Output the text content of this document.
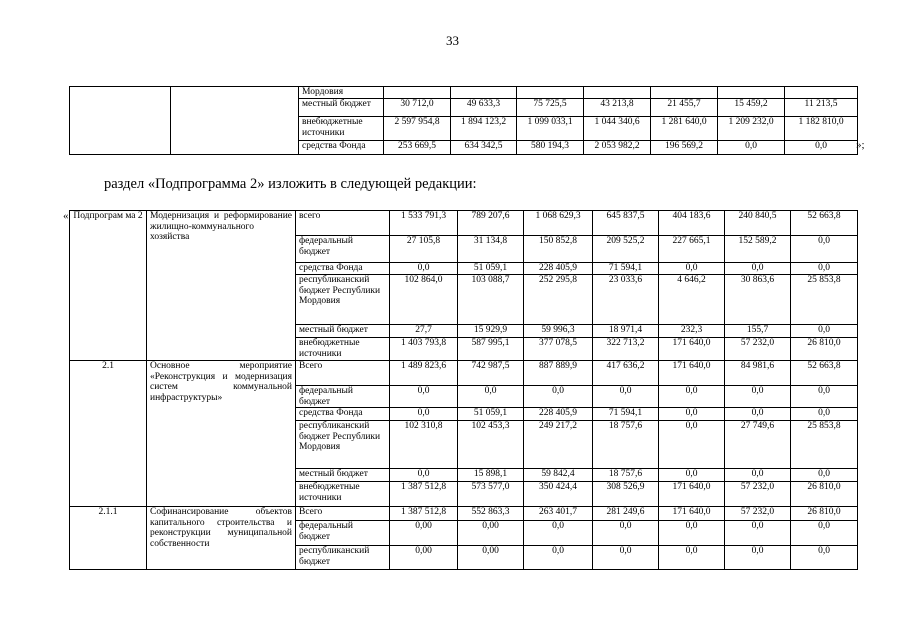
33
		Мордовия							
		местный бюджет	30 712,0	49 633,3	75 725,5	43 213,8	21 455,7	15 459,2	11 213,5
		внебюджетные источники	2 597 954,8	1 894 123,2	1 099 033,1	1 044 340,6	1 281 640,0	1 209 232,0	1 182 810,0
		средства Фонда	253 669,5	634 342,5	580 194,3	2 053 982,2	196 569,2	0,0	0,0	»;
раздел «Подпрограмма 2» изложить в следующей редакции:
« Подпрограм ма 2	Модернизация и реформирование жилищно-коммунального хозяйства	всего	1 533 791,3	789 207,6	1 068 629,3	645 837,5	404 183,6	240 840,5	52 663,8
		федеральный бюджет	27 105,8	31 134,8	150 852,8	209 525,2	227 665,1	152 589,2	0,0
		средства Фонда	0,0	51 059,1	228 405,9	71 594,1	0,0	0,0	0,0
		республиканский бюджет Республики Мордовия	102 864,0	103 088,7	252 295,8	23 033,6	4 646,2	30 863,6	25 853,8
		местный бюджет	27,7	15 929,9	59 996,3	18 971,4	232,3	155,7	0,0
		внебюджетные источники	1 403 793,8	587 995,1	377 078,5	322 713,2	171 640,0	57 232,0	26 810,0
2.1	Основное мероприятие «Реконструкция и модернизация систем коммунальной инфраструктуры»	Всего	1 489 823,6	742 987,5	887 889,9	417 636,2	171 640,0	84 981,6	52 663,8
		федеральный бюджет	0,0	0,0	0,0	0,0	0,0	0,0	0,0
		средства Фонда	0,0	51 059,1	228 405,9	71 594,1	0,0	0,0	0,0
		республиканский бюджет Республики Мордовия	102 310,8	102 453,3	249 217,2	18 757,6	0,0	27 749,6	25 853,8
		местный бюджет	0,0	15 898,1	59 842,4	18 757,6	0,0	0,0	0,0
		внебюджетные источники	1 387 512,8	573 577,0	350 424,4	308 526,9	171 640,0	57 232,0	26 810,0
2.1.1	Софинансирование объектов капитального строительства и реконструкции муниципальной собственности	Всего	1 387 512,8	552 863,3	263 401,7	281 249,6	171 640,0	57 232,0	26 810,0
		федеральный бюджет	0,00	0,00	0,0	0,0	0,0	0,0	0,0
		республиканский бюджет	0,00	0,00	0,0	0,0	0,0	0,0	0,0
